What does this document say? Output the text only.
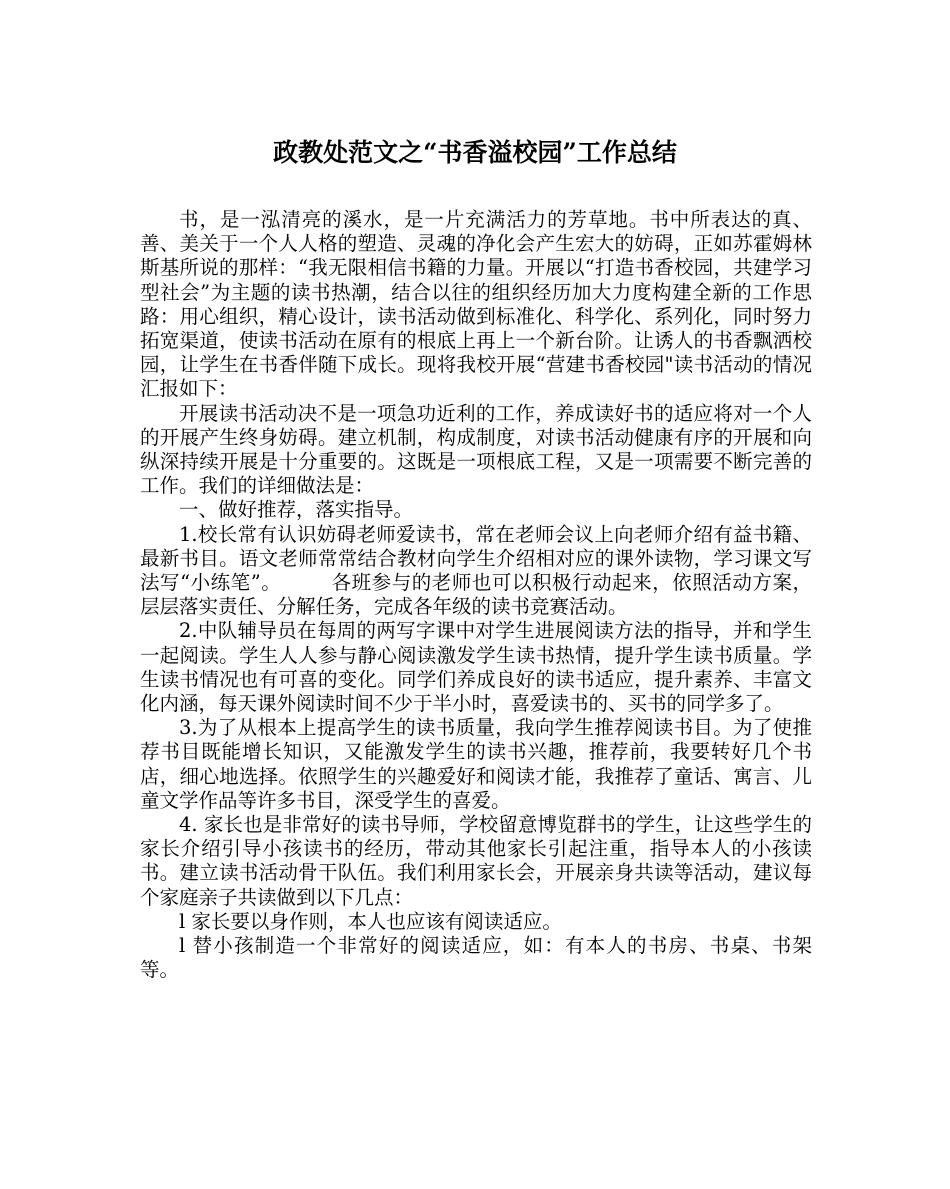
政教处范文之“书香溢校园”工作总结

书，是一泓清亮的溪水，是一片充满活力的芳草地。书中所表达的真、善、美关于一个人人格的塑造、灵魂的净化会产生宏大的妨碍，正如苏霍姆林斯基所说的那样：“我无限相信书籍的力量。开展以“打造书香校园，共建学习型社会”为主题的读书热潮，结合以往的组织经历加大力度构建全新的工作思路：用心组织，精心设计，读书活动做到标准化、科学化、系列化，同时努力拓宽渠道，使读书活动在原有的根底上再上一个新台阶。让诱人的书香飘洒校园，让学生在书香伴随下成长。现将我校开展“营建书香校园"读书活动的情况汇报如下：

开展读书活动决不是一项急功近利的工作，养成读好书的适应将对一个人的开展产生终身妨碍。建立机制，构成制度，对读书活动健康有序的开展和向纵深持续开展是十分重要的。这既是一项根底工程，又是一项需要不断完善的工作。我们的详细做法是：

一、做好推荐，落实指导。

1.校长常有认识妨碍老师爱读书，常在老师会议上向老师介绍有益书籍、最新书目。语文老师常常结合教材向学生介绍相对应的课外读物，学习课文写法写“小练笔”。　　　各班参与的老师也可以积极行动起来，依照活动方案，层层落实责任、分解任务，完成各年级的读书竞赛活动。

2.中队辅导员在每周的两写字课中对学生进展阅读方法的指导，并和学生一起阅读。学生人人参与静心阅读激发学生读书热情，提升学生读书质量。学生读书情况也有可喜的变化。同学们养成良好的读书适应，提升素养、丰富文化内涵，每天课外阅读时间不少于半小时，喜爱读书的、买书的同学多了。

3.为了从根本上提高学生的读书质量，我向学生推荐阅读书目。为了使推荐书目既能增长知识，又能激发学生的读书兴趣，推荐前，我要转好几个书店，细心地选择。依照学生的兴趣爱好和阅读才能，我推荐了童话、寓言、儿童文学作品等许多书目，深受学生的喜爱。

4. 家长也是非常好的读书导师，学校留意博览群书的学生，让这些学生的家长介绍引导小孩读书的经历，带动其他家长引起注重，指导本人的小孩读书。建立读书活动骨干队伍。我们利用家长会，开展亲身共读等活动，建议每个家庭亲子共读做到以下几点：

l 家长要以身作则，本人也应该有阅读适应。

l 替小孩制造一个非常好的阅读适应，如：有本人的书房、书桌、书架等。
